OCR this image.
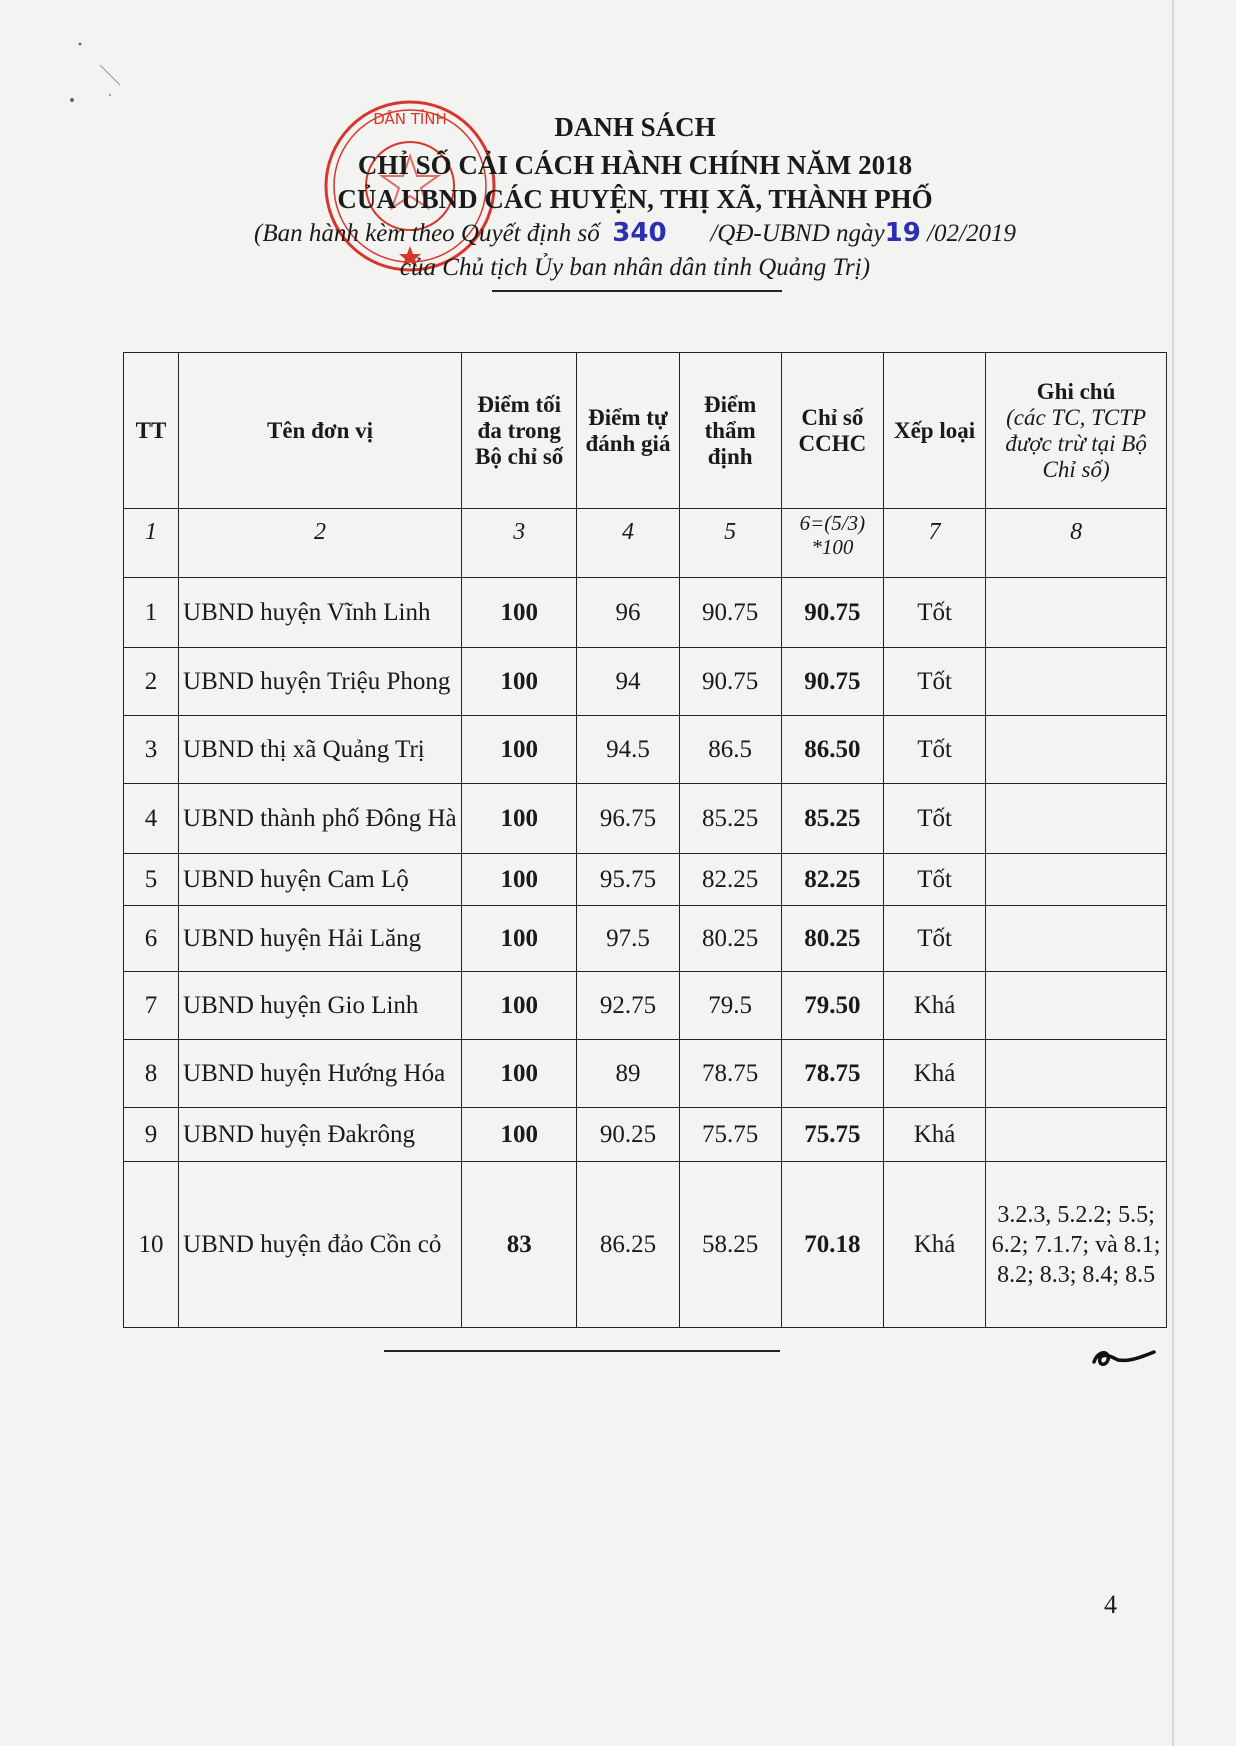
DÂN TỈNH	DANH SÁCH
CHỈ SỐ CẢI CÁCH HÀNH CHÍNH NĂM 2018
CỦA UBND CÁC HUYỆN, THỊ XÃ, THÀNH PHỐ
(Ban hành kèm theo Quyết định số 340 /QĐ-UBND ngày19 /02/2019
của Chủ tịch Ủy ban nhân dân tỉnh Quảng Trị)
TT	Tên đơn vị	Điểm tối đa trong Bộ chỉ số	Điểm tự đánh giá	Điểm thẩm định	Chỉ số CCHC	Xếp loại	Ghi chú
(các TC, TCTP được trừ tại Bộ Chỉ số)

1	2	3	4	5	6=(5/3) *100	7	8
1	UBND huyện Vĩnh Linh	100	96	90.75	90.75	Tốt	
2	UBND huyện Triệu Phong	100	94	90.75	90.75	Tốt	
3	UBND thị xã Quảng Trị	100	94.5	86.5	86.50	Tốt	
4	UBND thành phố Đông Hà	100	96.75	85.25	85.25	Tốt	
5	UBND huyện Cam Lộ	100	95.75	82.25	82.25	Tốt	
6	UBND huyện Hải Lăng	100	97.5	80.25	80.25	Tốt	
7	UBND huyện Gio Linh	100	92.75	79.5	79.50	Khá	
8	UBND huyện Hướng Hóa	100	89	78.75	78.75	Khá	
9	UBND huyện Đakrông	100	90.25	75.75	75.75	Khá	
10	UBND huyện đảo Cồn cỏ	83	86.25	58.25	70.18	Khá	3.2.3, 5.2.2; 5.5; 6.2; 7.1.7; và 8.1; 8.2; 8.3; 8.4; 8.5
4
